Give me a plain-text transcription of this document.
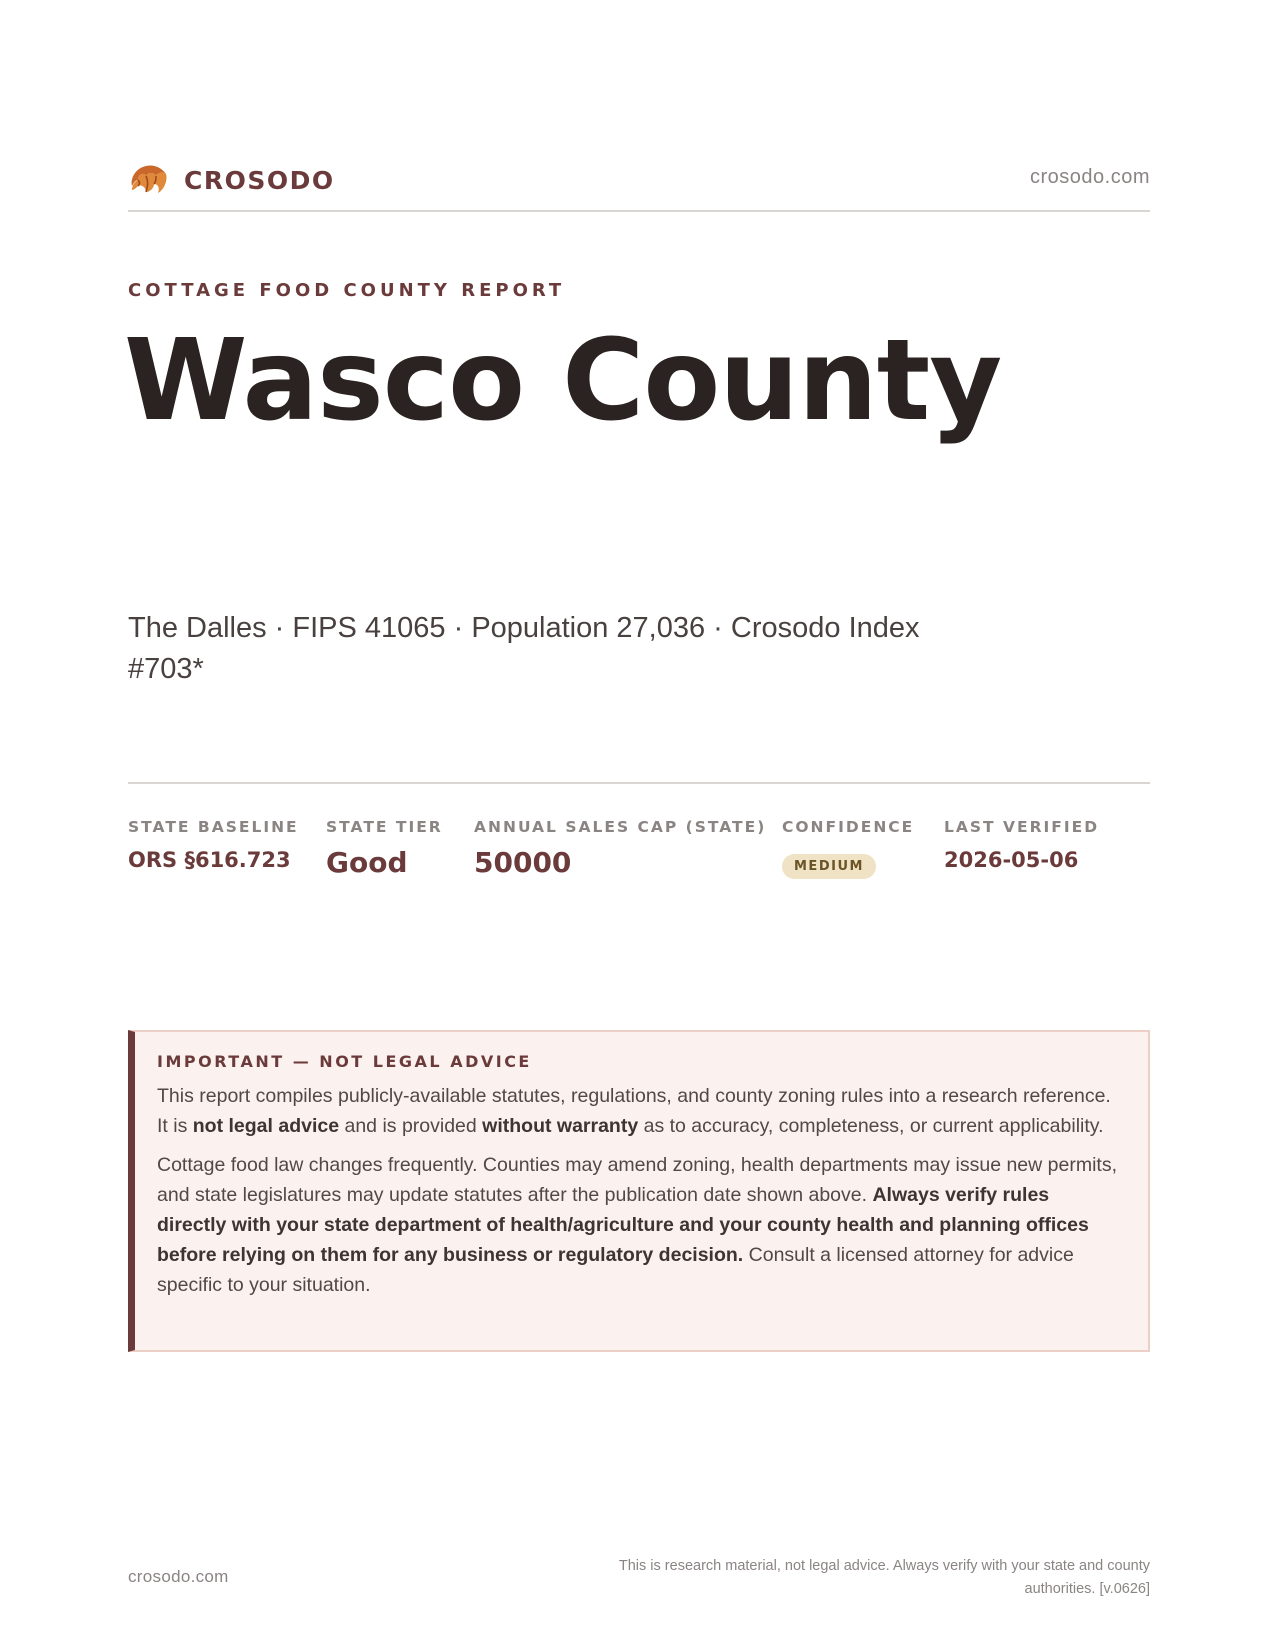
CROSODO	crosodo.com
COTTAGE FOOD COUNTY REPORT
Wasco County
The Dalles · FIPS 41065 · Population 27,036 · Crosodo Index #703*
STATE BASELINE
ORS §616.723
STATE TIER
Good
ANNUAL SALES CAP (STATE)
50000
CONFIDENCE
MEDIUM
LAST VERIFIED
2026-05-06
IMPORTANT — NOT LEGAL ADVICE

This report compiles publicly-available statutes, regulations, and county zoning rules into a research reference. It is not legal advice and is provided without warranty as to accuracy, completeness, or current applicability.

Cottage food law changes frequently. Counties may amend zoning, health departments may issue new permits, and state legislatures may update statutes after the publication date shown above. Always verify rules directly with your state department of health/agriculture and your county health and planning offices before relying on them for any business or regulatory decision. Consult a licensed attorney for advice specific to your situation.

crosodo.com
This is research material, not legal advice. Always verify with your state and county authorities. [v.0626]
